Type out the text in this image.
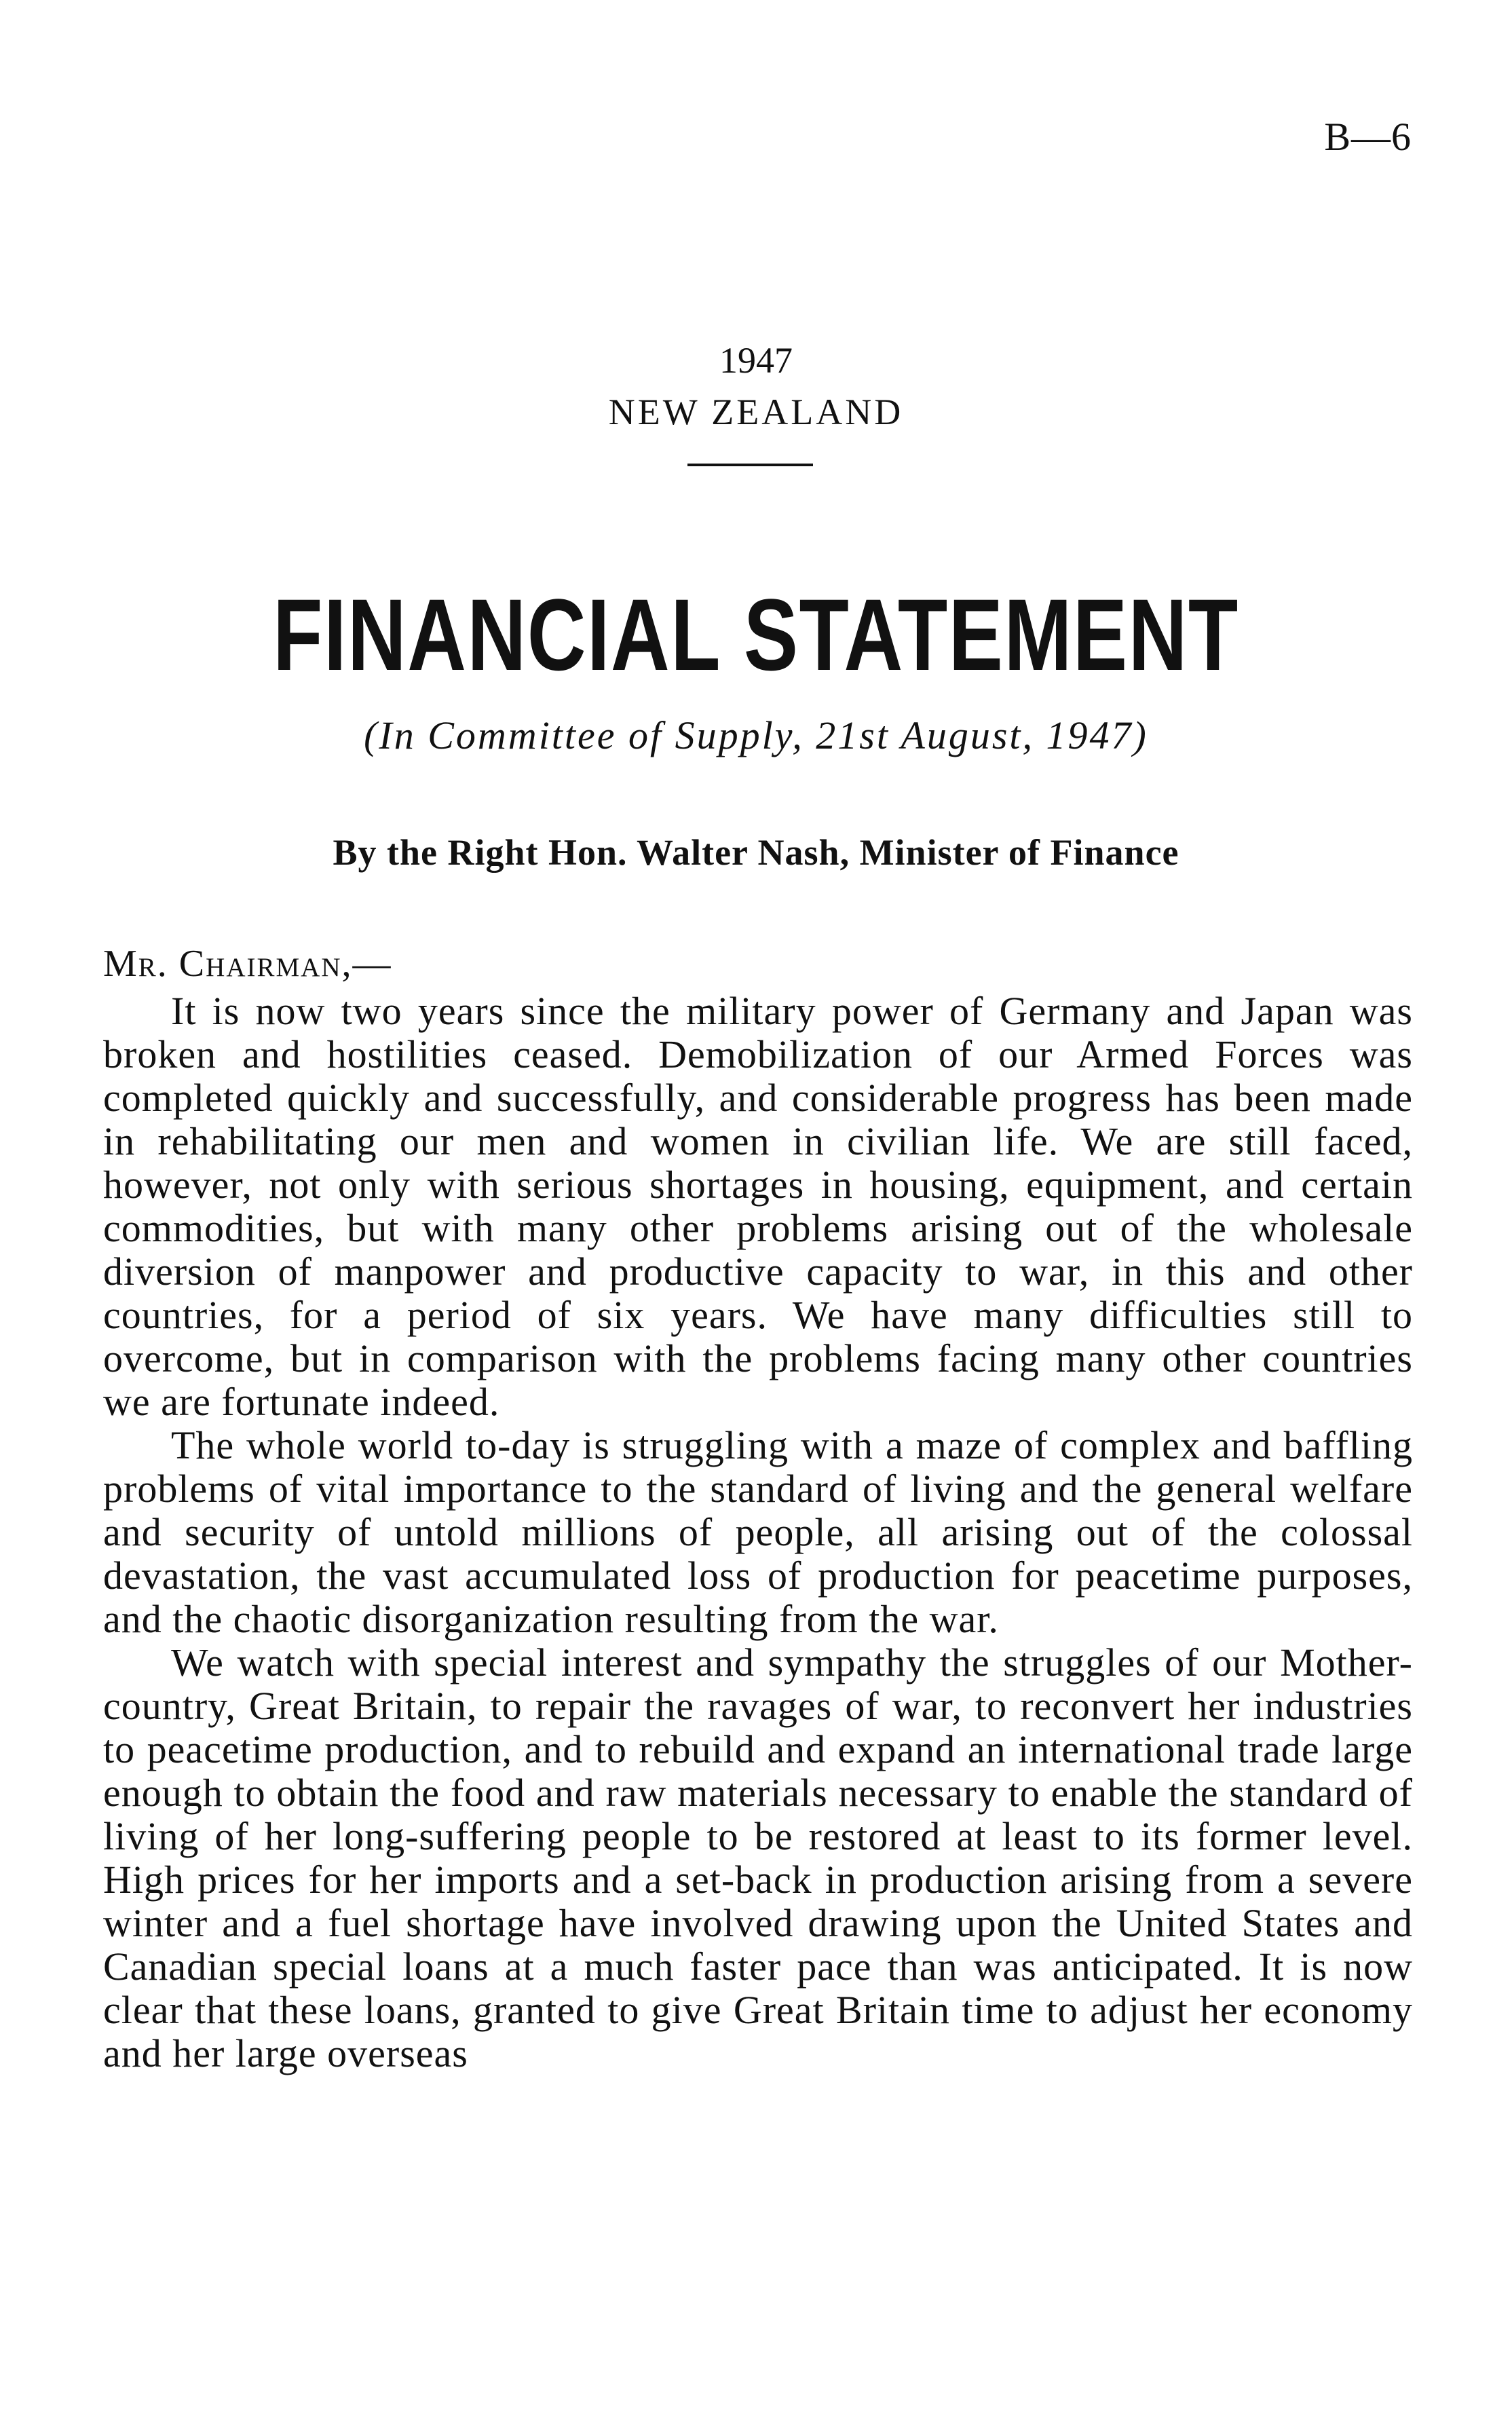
B—6
1947
NEW ZEALAND
FINANCIAL STATEMENT
(In Committee of Supply, 21st August, 1947)
By the Right Hon. Walter Nash, Minister of Finance
Mr. Chairman,—

It is now two years since the military power of Germany and Japan was broken and hostilities ceased. Demobilization of our Armed Forces was completed quickly and successfully, and considerable progress has been made in rehabilitating our men and women in civilian life. We are still faced, however, not only with serious shortages in housing, equipment, and certain commodities, but with many other problems arising out of the wholesale diversion of manpower and productive capacity to war, in this and other countries, for a period of six years. We have many difficulties still to overcome, but in comparison with the problems facing many other countries we are fortunate indeed.

The whole world to-day is struggling with a maze of complex and baffling problems of vital importance to the standard of living and the general welfare and security of untold millions of people, all arising out of the colossal devastation, the vast accumulated loss of production for peacetime purposes, and the chaotic disorganization resulting from the war.

We watch with special interest and sympathy the struggles of our Mother-country, Great Britain, to repair the ravages of war, to reconvert her industries to peacetime production, and to rebuild and expand an international trade large enough to obtain the food and raw materials necessary to enable the standard of living of her long-suffering people to be restored at least to its former level. High prices for her imports and a set-back in production arising from a severe winter and a fuel shortage have involved drawing upon the United States and Canadian special loans at a much faster pace than was anticipated. It is now clear that these loans, granted to give Great Britain time to adjust her economy and her large overseas
